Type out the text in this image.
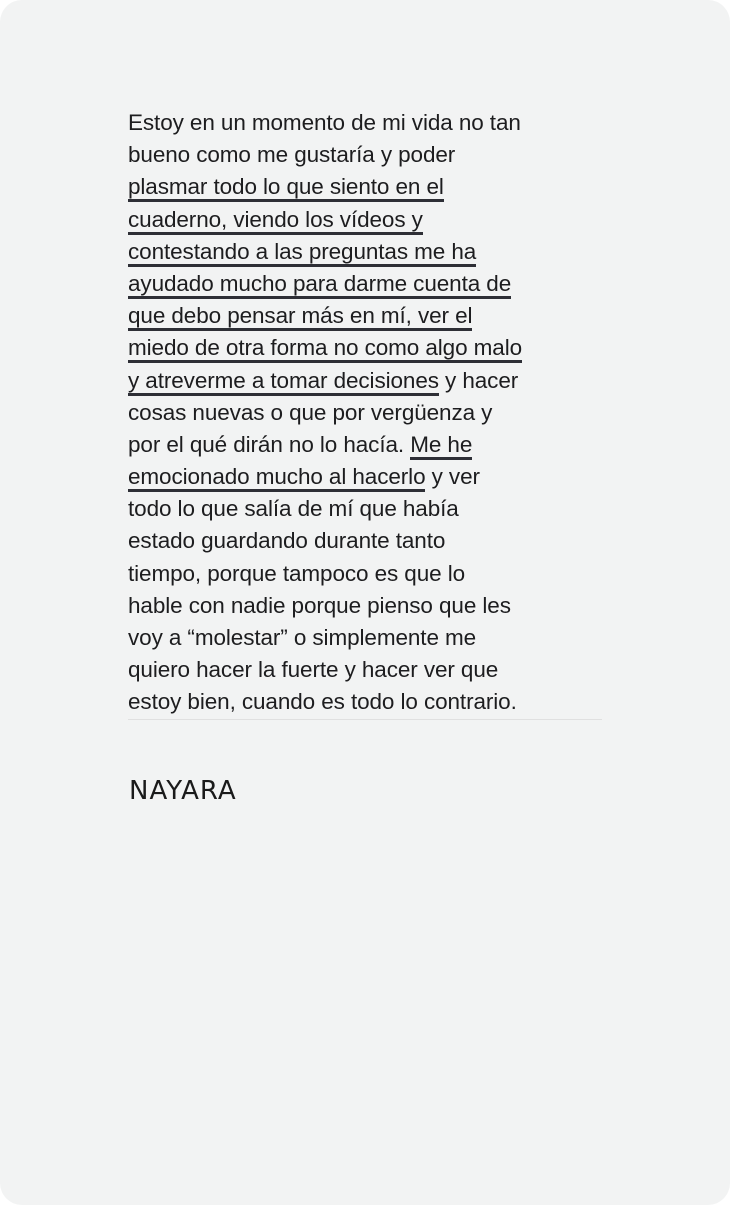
Estoy en un momento de mi vida no tan
bueno como me gustaría y poder
plasmar todo lo que siento en el
cuaderno, viendo los vídeos y
contestando a las preguntas me ha
ayudado mucho para darme cuenta de
que debo pensar más en mí, ver el
miedo de otra forma no como algo malo
y atreverme a tomar decisiones y hacer
cosas nuevas o que por vergüenza y
por el qué dirán no lo hacía. Me he
emocionado mucho al hacerlo y ver
todo lo que salía de mí que había
estado guardando durante tanto
tiempo, porque tampoco es que lo
hable con nadie porque pienso que les
voy a “molestar” o simplemente me
quiero hacer la fuerte y hacer ver que
estoy bien, cuando es todo lo contrario.
NAYARA
